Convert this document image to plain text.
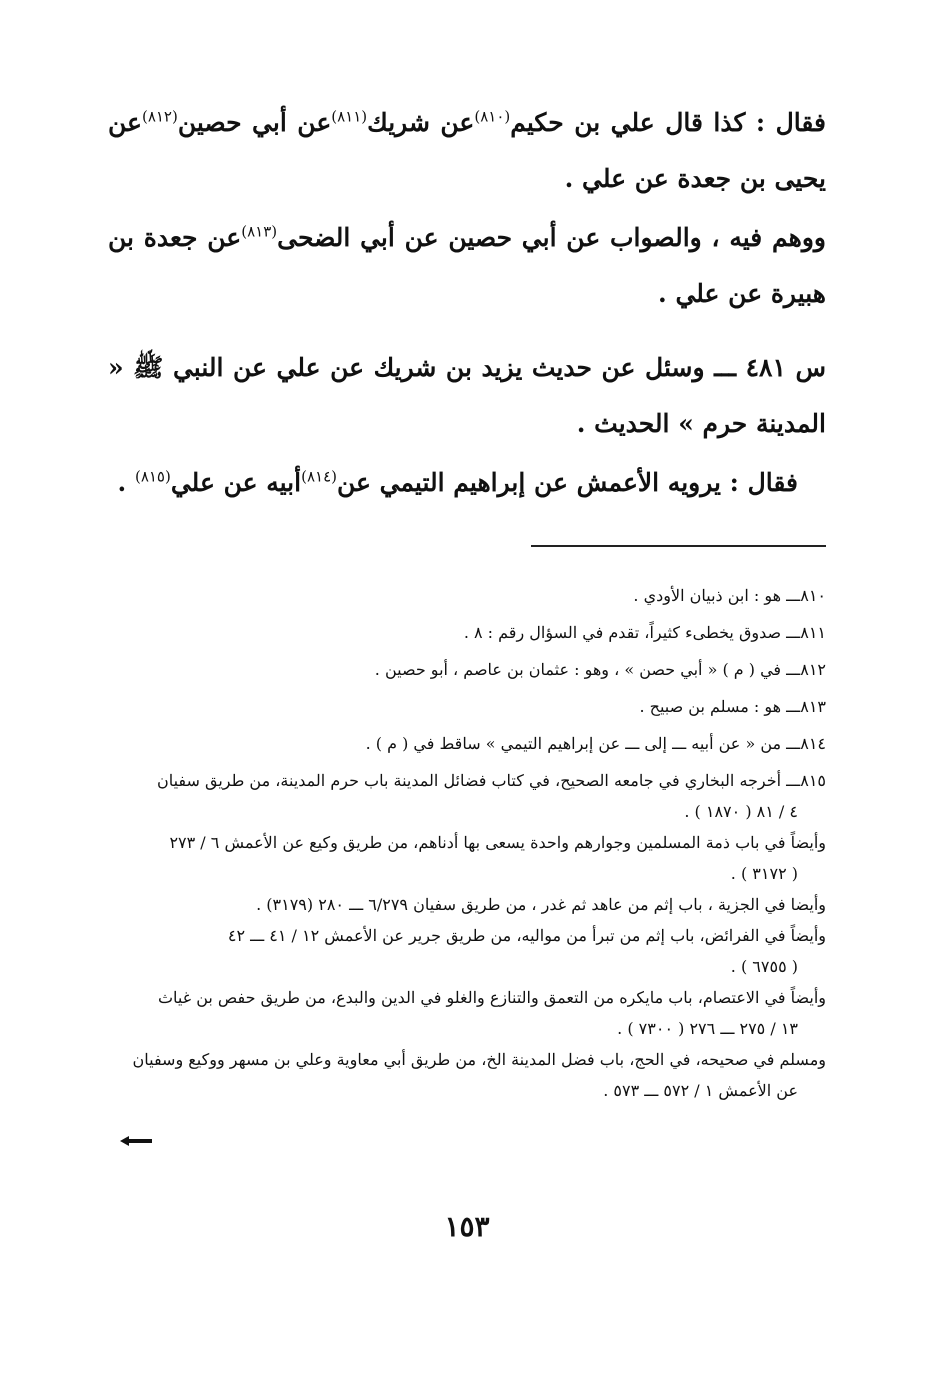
فقال : كذا قال علي بن حكيم$^{(٨١٠)}$عن شريك$^{(٨١١)}$عن أبي حصين$^{(٨١٢)}$عن يحيى بن جعدة عن علي .

ووهم فيه ، والصواب عن أبي حصين عن أبي الضحى$^{(٨١٣)}$عن جعدة بن هبيرة عن علي .

س ٤٨١ ـــ وسئل عن حديث يزيد بن شريك عن علي عن النبي ﷺ « المدينة حرم » الحديث .

فقال : يرويه الأعمش عن إبراهيم التيمي عن$^{(٨١٤)}$أبيه عن علي$^{(٨١٥)}$ .

٨١٠ـــ هو : ابن ذبيان الأودي .

٨١١ـــ صدوق يخطىء كثيراً، تقدم في السؤال رقم : ٨ .

٨١٢ـــ في ( م ) « أبي حصن » ، وهو : عثمان بن عاصم ، أبو حصين .

٨١٣ـــ هو : مسلم بن صبيح .

٨١٤ـــ من « عن أبيه ـــ إلى ـــ عن إبراهيم التيمي » ساقط في ( م ) .

٨١٥ـــ أخرجه البخاري في جامعه الصحيح، في كتاب فضائل المدينة باب حرم المدينة، من طريق سفيان

٤ / ٨١ ( ١٨٧٠ ) .

وأيضاً في باب ذمة المسلمين وجوارهم واحدة يسعى بها أدناهم، من طريق وكيع عن الأعمش ٦ / ٢٧٣

( ٣١٧٢ ) .

وأيضا في الجزية ، باب إثم من عاهد ثم غدر ، من طريق سفيان ٦/٢٧٩ ـــ ٢٨٠ (٣١٧٩) .

وأيضاً في الفرائض، باب إثم من تبرأ من مواليه، من طريق جرير عن الأعمش ١٢ / ٤١ ـــ ٤٢

( ٦٧٥٥ ) .

وأيضاً في الاعتصام، باب مايكره من التعمق والتنازع والغلو في الدين والبدع، من طريق حفص بن غياث

١٣ / ٢٧٥ ـــ ٢٧٦ ( ٧٣٠٠ ) .

ومسلم في صحيحه، في الحج، باب فضل المدينة الخ، من طريق أبي معاوية وعلي بن مسهر ووكيع وسفيان

عن الأعمش ١ / ٥٧٢ ـــ ٥٧٣ .

١٥٣
